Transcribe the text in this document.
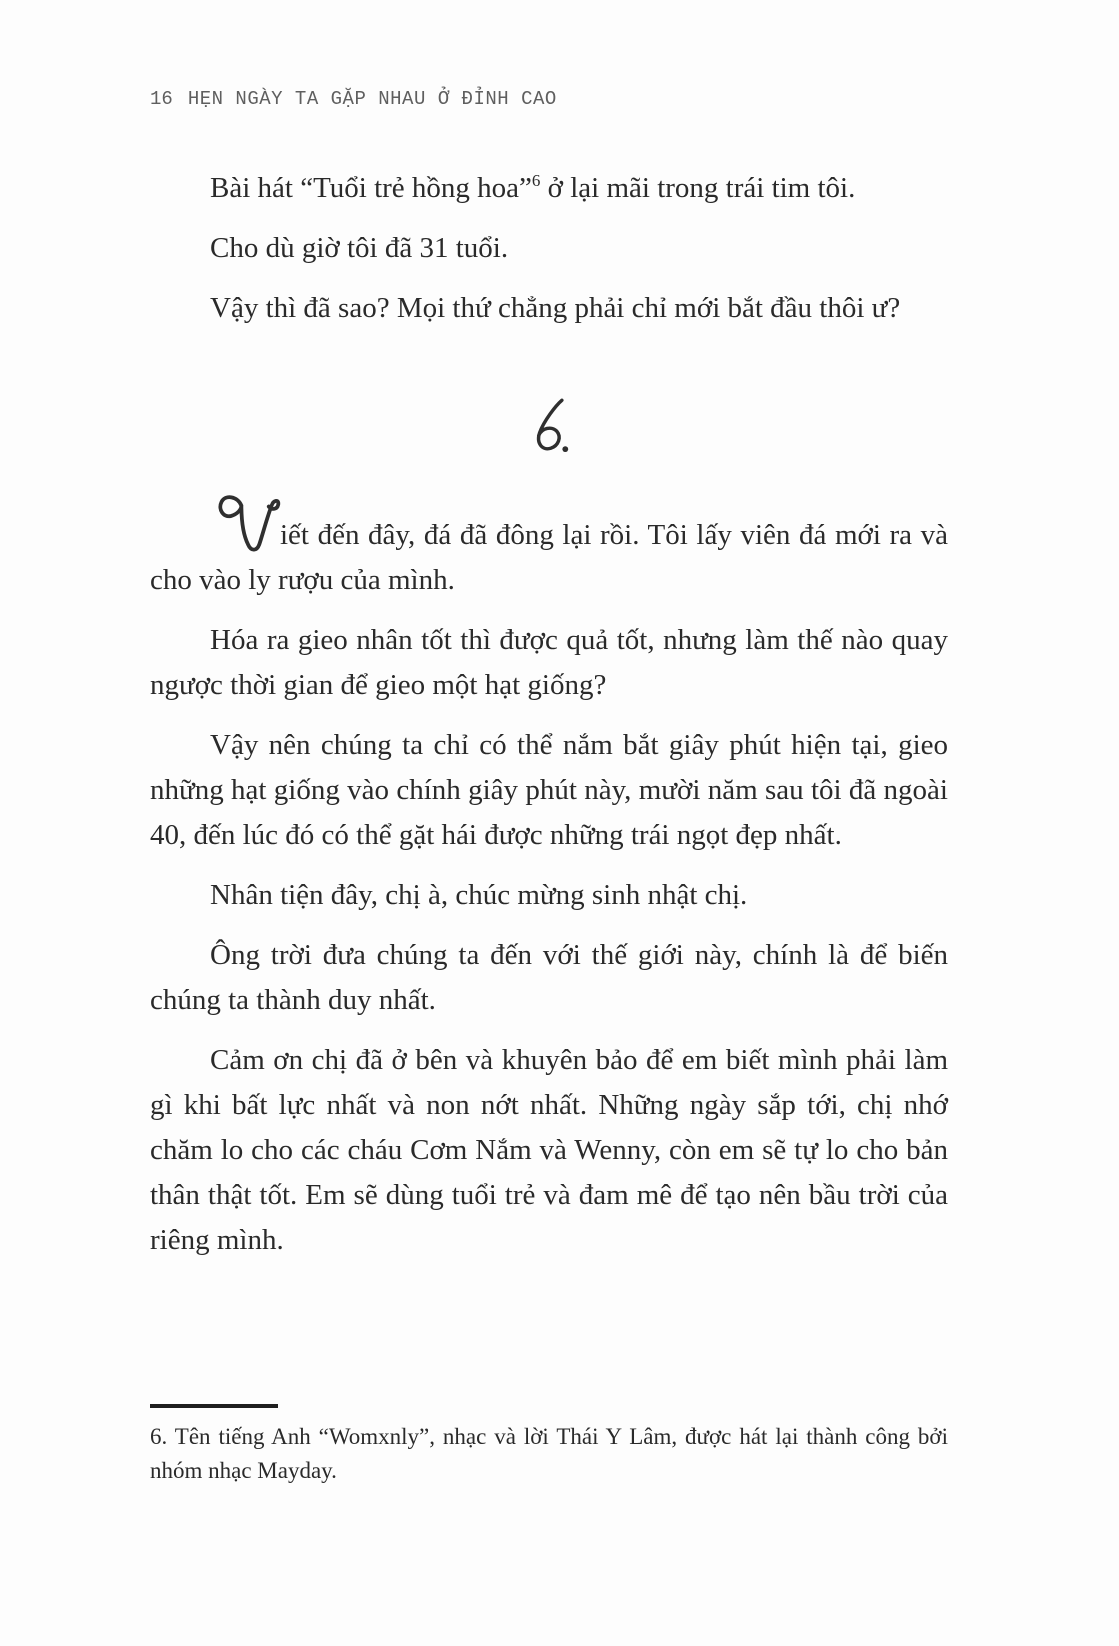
16 HẸN NGÀY TA GẶP NHAU Ở ĐỈNH CAO

Bài hát “Tuổi trẻ hồng hoa”$^6$ ở lại mãi trong trái tim tôi.

Cho dù giờ tôi đã 31 tuổi.

Vậy thì đã sao? Mọi thứ chẳng phải chỉ mới bắt đầu thôi ư?

iết đến đây, đá đã đông lại rồi. Tôi lấy viên đá mới ra và cho vào ly rượu của mình.

Hóa ra gieo nhân tốt thì được quả tốt, nhưng làm thế nào quay ngược thời gian để gieo một hạt giống?

Vậy nên chúng ta chỉ có thể nắm bắt giây phút hiện tại, gieo những hạt giống vào chính giây phút này, mười năm sau tôi đã ngoài 40, đến lúc đó có thể gặt hái được những trái ngọt đẹp nhất.

Nhân tiện đây, chị à, chúc mừng sinh nhật chị.

Ông trời đưa chúng ta đến với thế giới này, chính là để biến chúng ta thành duy nhất.

Cảm ơn chị đã ở bên và khuyên bảo để em biết mình phải làm gì khi bất lực nhất và non nớt nhất. Những ngày sắp tới, chị nhớ chăm lo cho các cháu Cơm Nắm và Wenny, còn em sẽ tự lo cho bản thân thật tốt. Em sẽ dùng tuổi trẻ và đam mê để tạo nên bầu trời của riêng mình.

6. Tên tiếng Anh “Womxnly”, nhạc và lời Thái Y Lâm, được hát lại thành công bởi nhóm nhạc Mayday.
